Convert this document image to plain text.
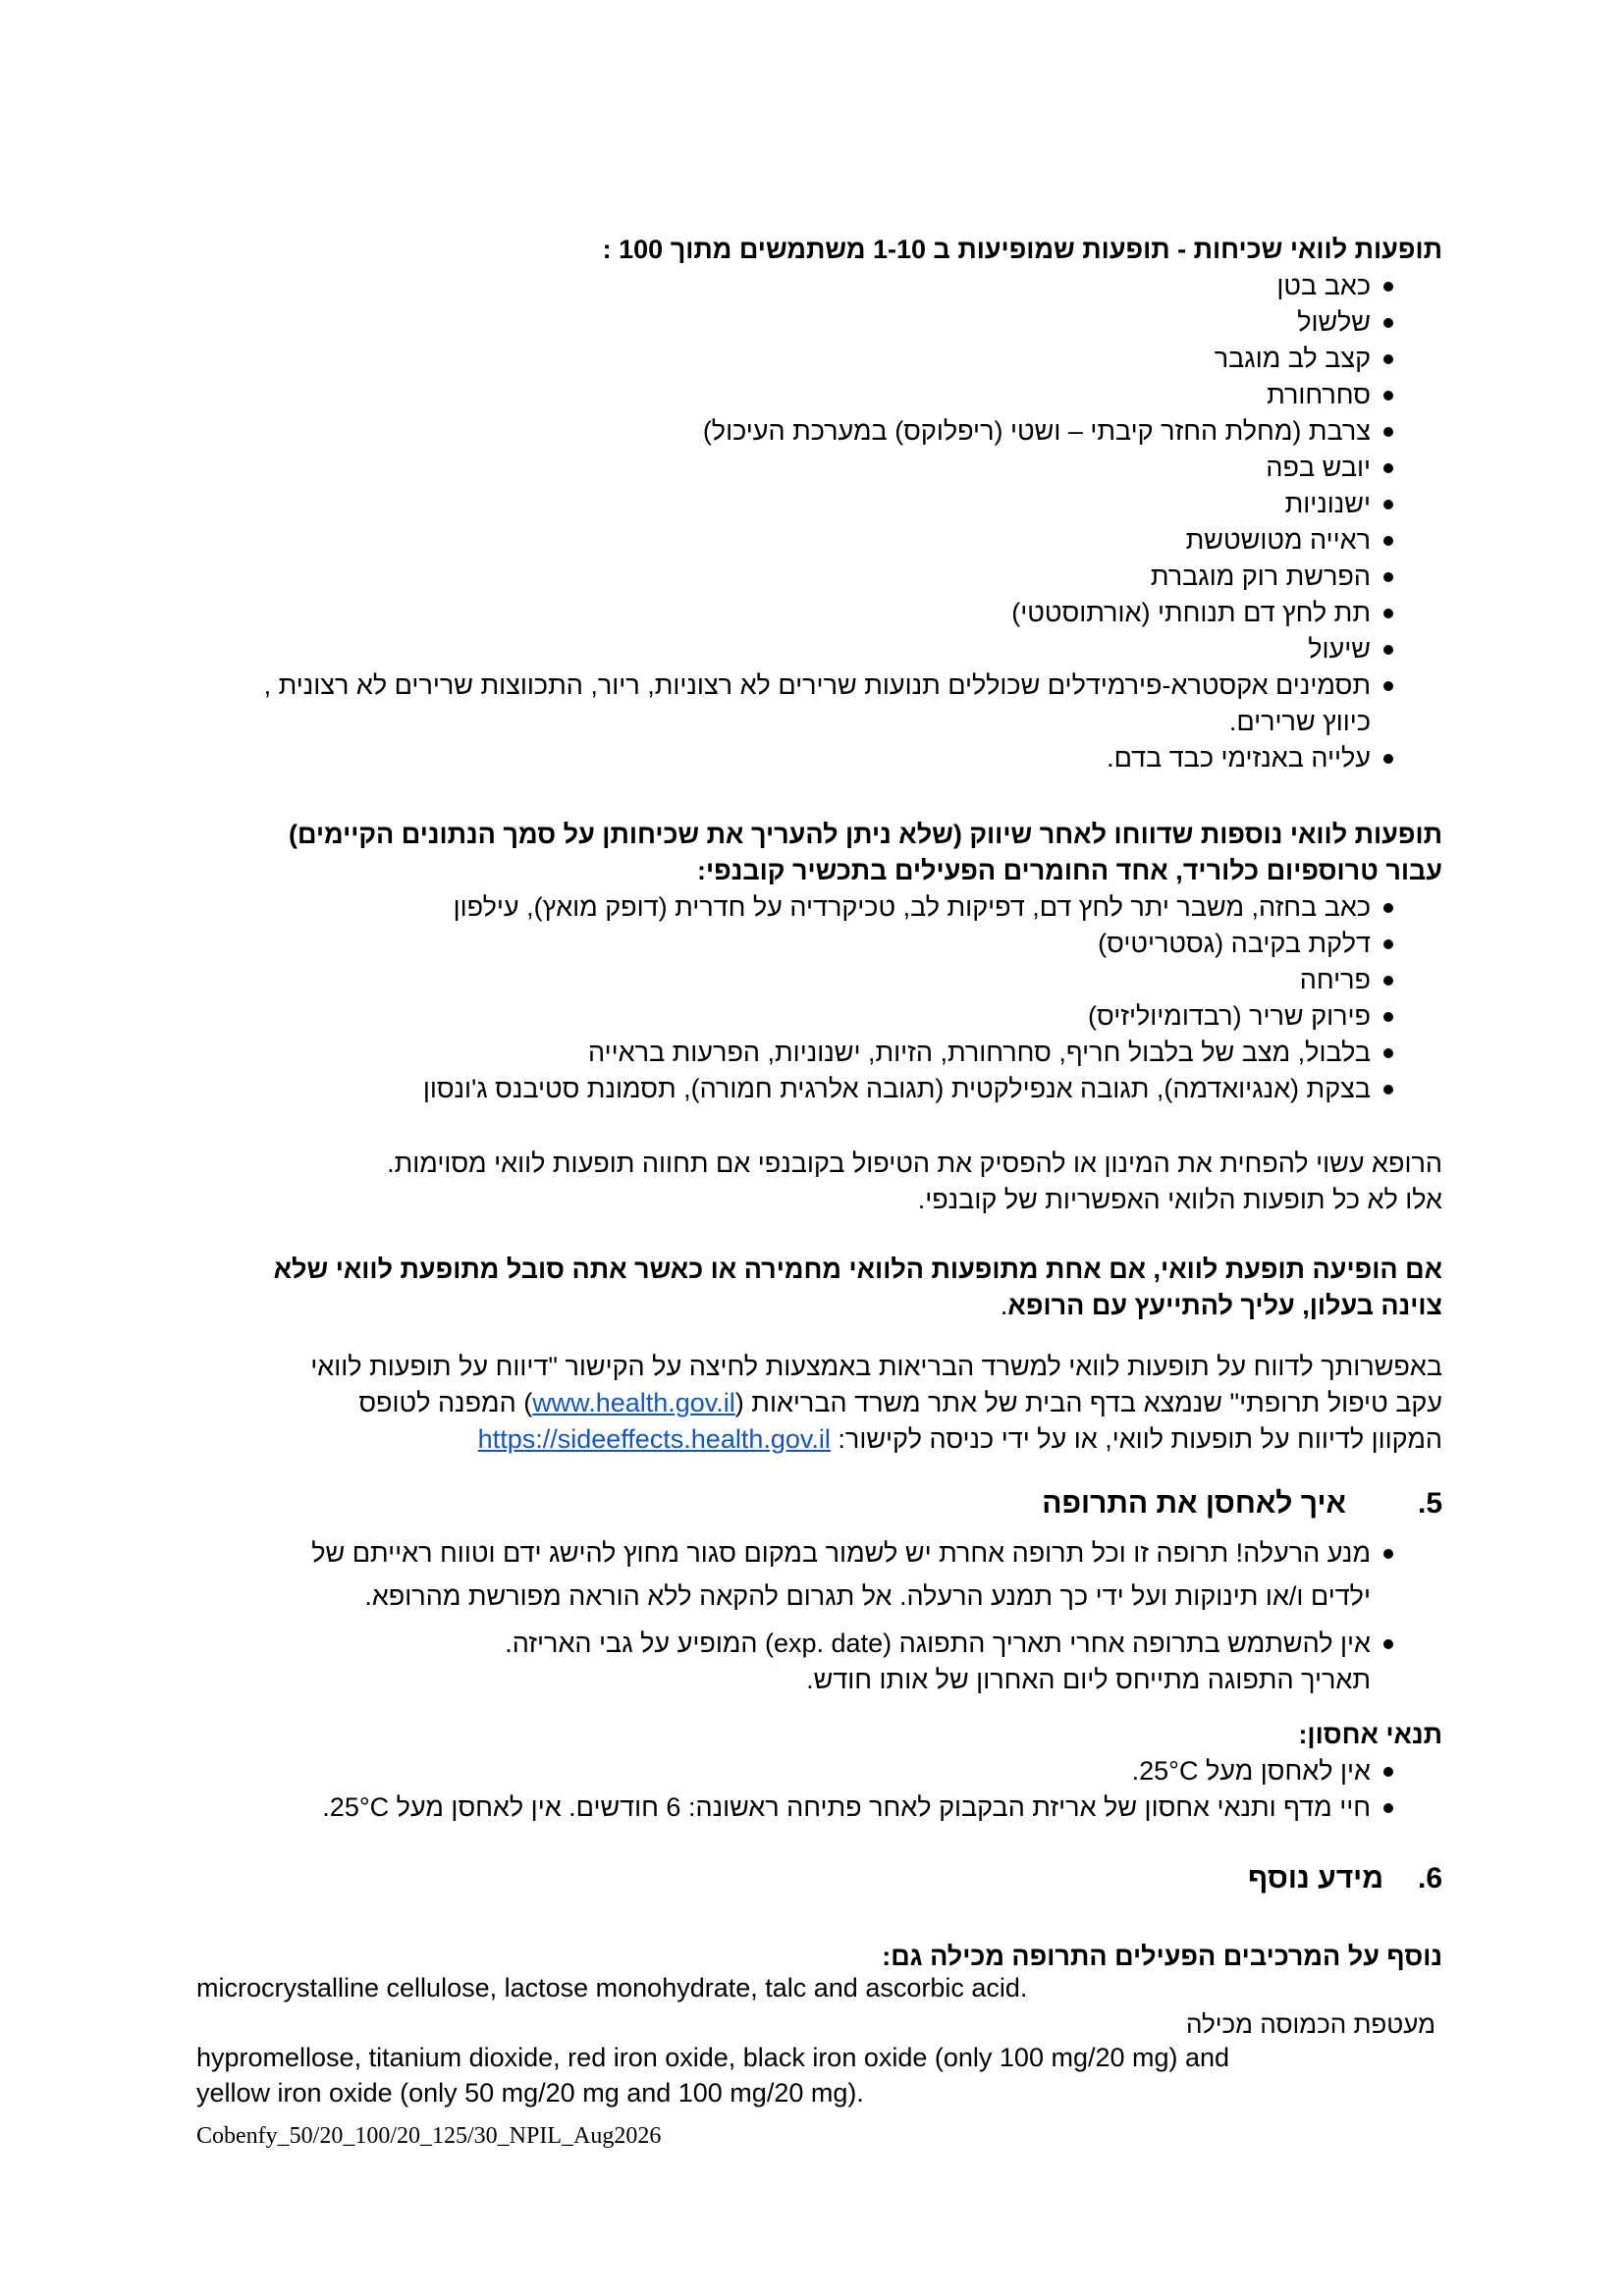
תופעות לוואי שכיחות - תופעות שמופיעות ב 1-10 משתמשים מתוך 100 :

כאב בטן
שלשול
קצב לב מוגבר
סחרחורת
צרבת (מחלת החזר קיבתי – ושטי (ריפלוקס) במערכת העיכול)
יובש בפה
ישנוניות
ראייה מטושטשת
הפרשת רוק מוגברת
תת לחץ דם תנוחתי (אורתוסטטי)
שיעול
תסמינים אקסטרא-פירמידלים שכוללים תנועות שרירים לא רצוניות, ריור, התכווצות שרירים לא רצונית , כיווץ שרירים.
עלייה באנזימי כבד בדם.

תופעות לוואי נוספות שדווחו לאחר שיווק (שלא ניתן להעריך את שכיחותן על סמך הנתונים הקיימים)

עבור טרוספיום כלוריד, אחד החומרים הפעילים בתכשיר קובנפי:

כאב בחזה, משבר יתר לחץ דם, דפיקות לב, טכיקרדיה על חדרית (דופק מואץ), עילפון
דלקת בקיבה (גסטריטיס)
פריחה
פירוק שריר (רבדומיוליזיס)
בלבול, מצב של בלבול חריף, סחרחורת, הזיות, ישנוניות, הפרעות בראייה
בצקת (אנגיואדמה), תגובה אנפילקטית (תגובה אלרגית חמורה), תסמונת סטיבנס ג'ונסון

הרופא עשוי להפחית את המינון או להפסיק את הטיפול בקובנפי אם תחווה תופעות לוואי מסוימות.

אלו לא כל תופעות הלוואי האפשריות של קובנפי.

אם הופיעה תופעת לוואי, אם אחת מתופעות הלוואי מחמירה או כאשר אתה סובל מתופעת לוואי שלא

צוינה בעלון, עליך להתייעץ עם הרופא.

באפשרותך לדווח על תופעות לוואי למשרד הבריאות באמצעות לחיצה על הקישור "דיווח על תופעות לוואי

עקב טיפול תרופתי" שנמצא בדף הבית של אתר משרד הבריאות (www.health.gov.il) המפנה לטופס

המקוון לדיווח על תופעות לוואי, או על ידי כניסה לקישור: https://sideeffects.health.gov.il

5.איך לאחסן את התרופה
מנע הרעלה! תרופה זו וכל תרופה אחרת יש לשמור במקום סגור מחוץ להישג ידם וטווח ראייתם של
ילדים ו/או תינוקות ועל ידי כך תמנע הרעלה. אל תגרום להקאה ללא הוראה מפורשת מהרופא.
אין להשתמש בתרופה אחרי תאריך התפוגה (exp. date) המופיע על גבי האריזה.
תאריך התפוגה מתייחס ליום האחרון של אותו חודש.

תנאי אחסון:

אין לאחסן מעל 25°C.
חיי מדף ותנאי אחסון של אריזת הבקבוק לאחר פתיחה ראשונה: 6 חודשים. אין לאחסן מעל 25°C.
6.מידע נוסף

נוסף על המרכיבים הפעילים התרופה מכילה גם:

microcrystalline cellulose, lactose monohydrate, talc and ascorbic acid.

מעטפת הכמוסה מכילה

hypromellose, titanium dioxide, red iron oxide, black iron oxide (only 100 mg/20 mg) and
yellow iron oxide (only 50 mg/20 mg and 100 mg/20 mg).
Cobenfy_50/20_100/20_125/30_NPIL_Aug2026
